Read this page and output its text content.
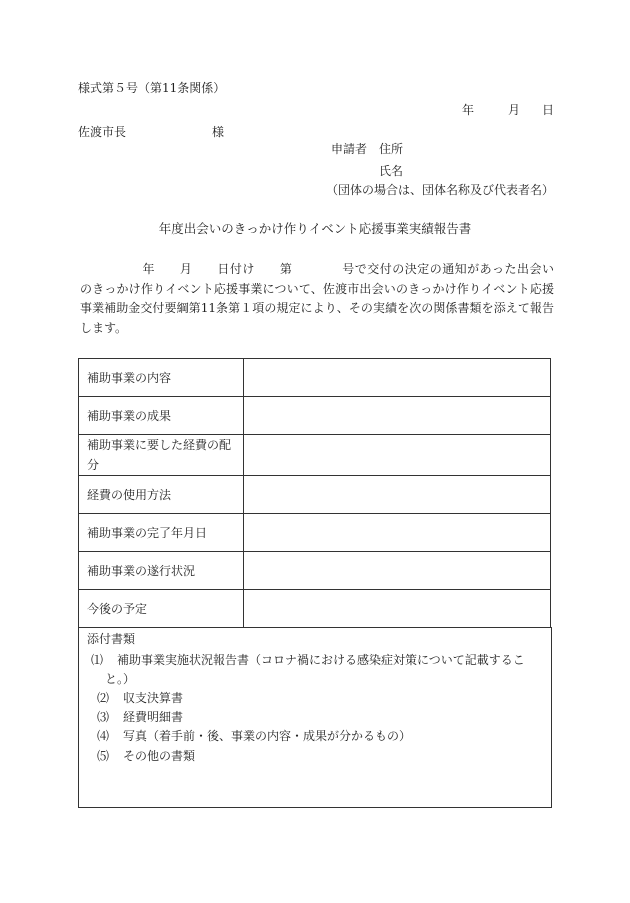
様式第５号（第11条関係）
年	月 日
佐渡市長	様
申請者 住所
氏名
（団体の場合は、団体名称及び代表者名）
年度出会いのきっかけ作りイベント応援事業実績報告書
　　　　　年　　月　　日付け　　第　　　　号で交付の決定の通知があった出会い
のきっかけ作りイベント応援事業について、佐渡市出会いのきっかけ作りイベント応援
事業補助金交付要綱第11条第１項の規定により、その実績を次の関係書類を添えて報告
します。
補助事業の内容	
補助事業の成果	
補助事業に要した経費の配分	
経費の使用方法	
補助事業の完了年月日	
補助事業の遂行状況	
今後の予定	
添付書類
⑴	補助事業実施状況報告書（コロナ禍における感染症対策について記載するこ
と。）
⑵	収支決算書
⑶	経費明細書
⑷	写真（着手前・後、事業の内容・成果が分かるもの）
⑸	その他の書類
